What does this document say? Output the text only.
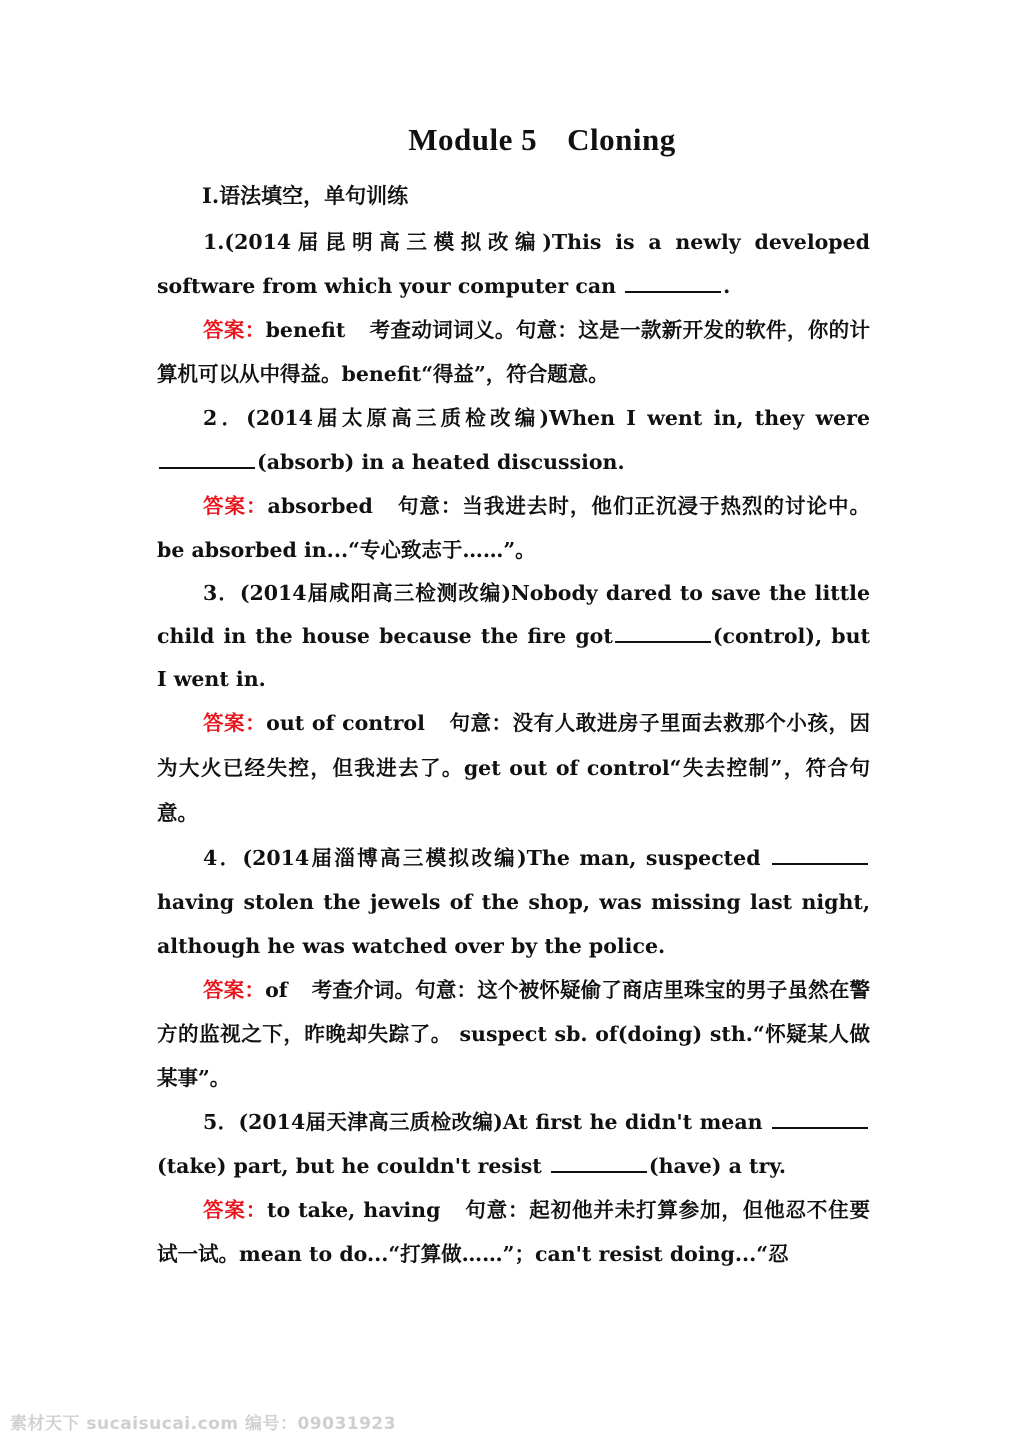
Module 5 Cloning
Ⅰ.语法填空，单句训练

1.(2014届昆明高三模拟改编)This is a newly developed software from which your computer can	.

答案：benefit 考查动词词义。句意：这是一款新开发的软件，你的计算机可以从中得益。benefit“得益”，符合题意。

2．(2014届太原高三质检改编)When I went in, they were (absorb) in a heated discussion.

答案：absorbed 句意：当我进去时，他们正沉浸于热烈的讨论中。be absorbed in...“专心致志于……”。

3．(2014届咸阳高三检测改编)Nobody dared to save the little child in the house because the fire got	(control), but I went in.

答案：out of control 句意：没有人敢进房子里面去救那个小孩，因为大火已经失控，但我进去了。get out of control“失去控制”，符合句意。

4．(2014届淄博高三模拟改编)The man, suspected  having stolen the jewels of the shop, was missing last night, although he was watched over by the police.

答案：of 考查介词。句意：这个被怀疑偷了商店里珠宝的男子虽然在警方的监视之下，昨晚却失踪了。 suspect sb. of(doing) sth.“怀疑某人做某事”。

5．(2014届天津高三质检改编)At first he didn't mean (take) part, but he couldn't resist	(have) a try.

答案：to take, having 句意：起初他并未打算参加，但他忍不住要试一试。mean to do...“打算做……”；can't resist doing...“忍

素材天下 sucaisucai.com 编号：09031923
